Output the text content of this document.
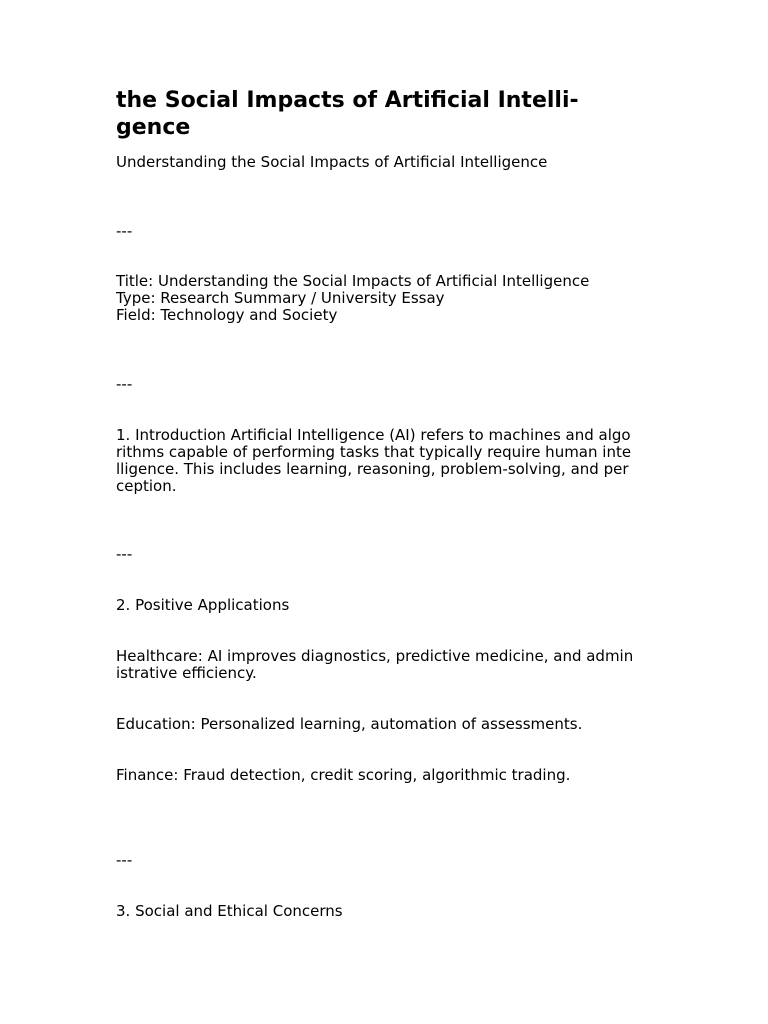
the Social Impacts of Artificial Intelli-
gence

Understanding the Social Impacts of Artificial Intelligence

---

Title: Understanding the Social Impacts of Artificial Intelligence
Type: Research Summary / University Essay
Field: Technology and Society

---

1. Introduction Artificial Intelligence (AI) refers to machines and algo
rithms capable of performing tasks that typically require human inte
lligence. This includes learning, reasoning, problem-solving, and per
ception.

---

2. Positive Applications

Healthcare: AI improves diagnostics, predictive medicine, and admin
istrative efficiency.

Education: Personalized learning, automation of assessments.

Finance: Fraud detection, credit scoring, algorithmic trading.

---

3. Social and Ethical Concerns
